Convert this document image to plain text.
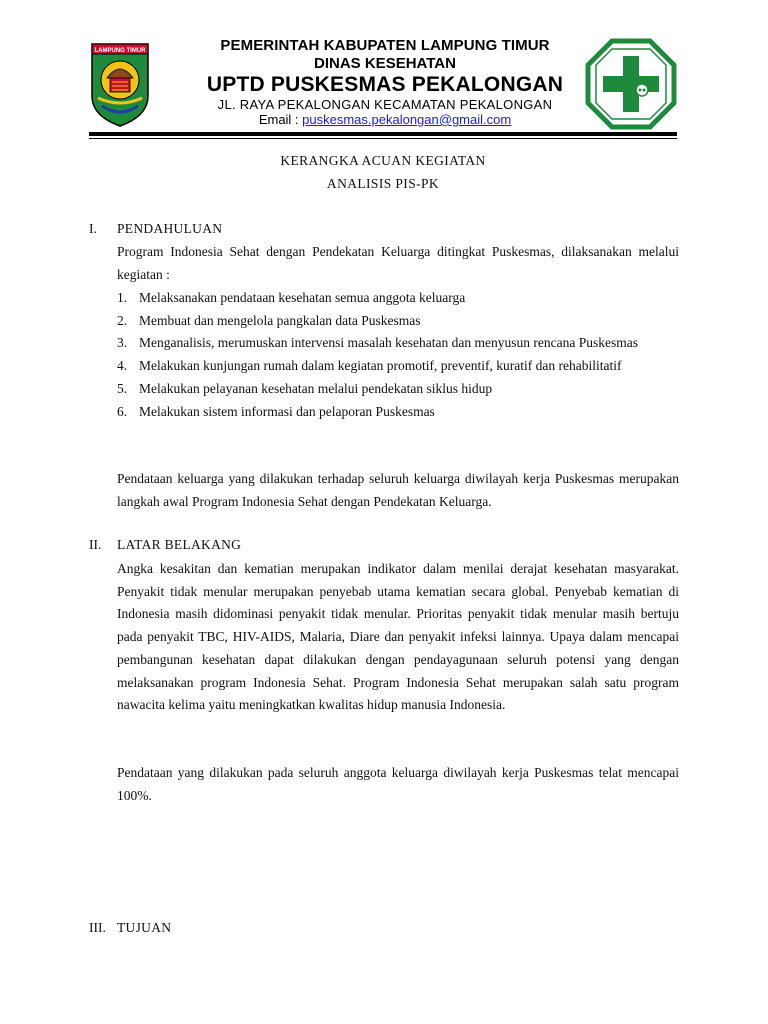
LAMPUNG TIMUR	PEMERINTAH KABUPATEN LAMPUNG TIMUR
DINAS KESEHATAN
UPTD PUSKESMAS PEKALONGAN
JL. RAYA PEKALONGAN KECAMATAN PEKALONGAN
Email : puskesmas.pekalongan@gmail.com
KERANGKA ACUAN KEGIATAN
ANALISIS PIS-PK
I. PENDAHULUAN

Program Indonesia Sehat dengan Pendekatan Keluarga ditingkat Puskesmas, dilaksanakan melalui kegiatan :

1. Melaksanakan pendataan kesehatan semua anggota keluarga
2. Membuat dan mengelola pangkalan data Puskesmas
3. Menganalisis, merumuskan intervensi masalah kesehatan dan menyusun rencana Puskesmas
4. Melakukan kunjungan rumah dalam kegiatan promotif, preventif, kuratif dan rehabilitatif
5. Melakukan pelayanan kesehatan melalui pendekatan siklus hidup
6. Melakukan sistem informasi dan pelaporan Puskesmas

Pendataan keluarga yang dilakukan terhadap seluruh keluarga diwilayah kerja Puskesmas merupakan langkah awal Program Indonesia Sehat dengan Pendekatan Keluarga.

II. LATAR BELAKANG

Angka kesakitan dan kematian merupakan indikator dalam menilai derajat kesehatan masyarakat. Penyakit tidak menular merupakan penyebab utama kematian secara global. Penyebab kematian di Indonesia masih didominasi penyakit tidak menular. Prioritas penyakit tidak menular masih bertuju pada penyakit TBC, HIV-AIDS, Malaria, Diare dan penyakit infeksi lainnya. Upaya dalam mencapai pembangunan kesehatan dapat dilakukan dengan pendayagunaan seluruh potensi yang dengan melaksanakan program Indonesia Sehat. Program Indonesia Sehat merupakan salah satu program nawacita kelima yaitu meningkatkan kwalitas hidup manusia Indonesia.

Pendataan yang dilakukan pada seluruh anggota keluarga diwilayah kerja Puskesmas telat mencapai 100%.

III. TUJUAN
